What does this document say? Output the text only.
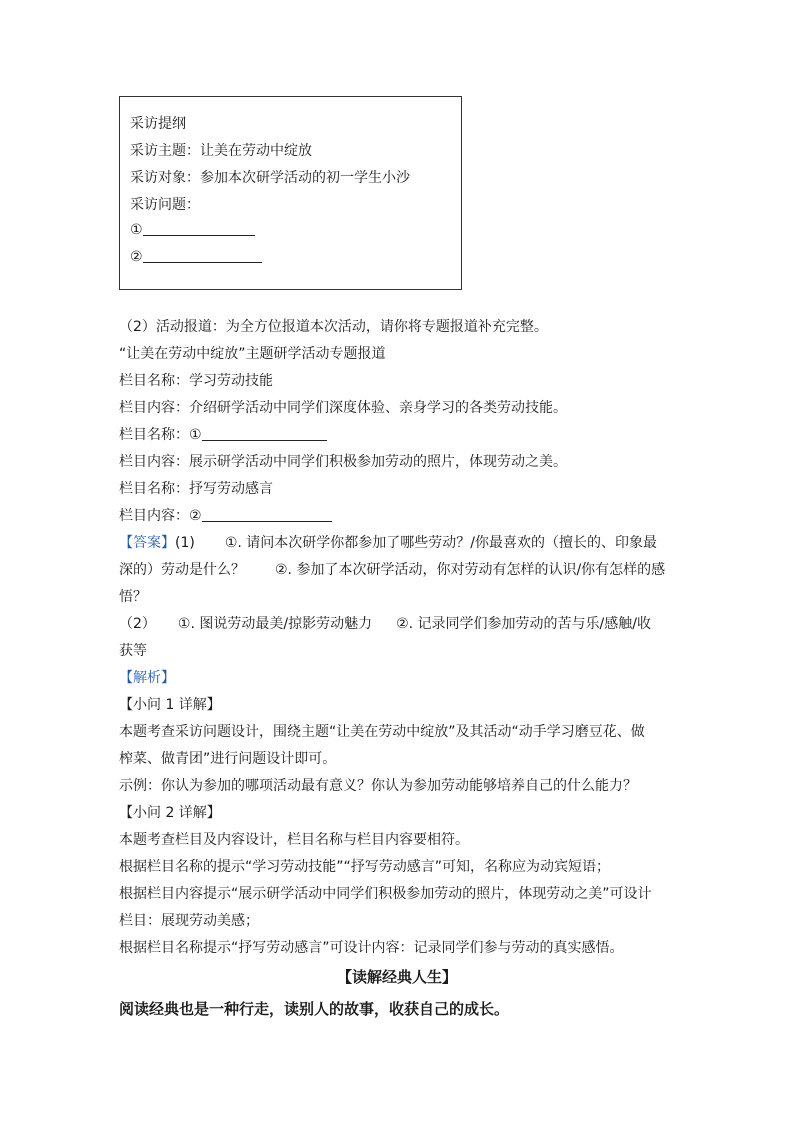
采访提纲
采访主题：让美在劳动中绽放
采访对象：参加本次研学活动的初一学生小沙
采访问题：
①
②
（2）活动报道：为全方位报道本次活动，请你将专题报道补充完整。
“让美在劳动中绽放”主题研学活动专题报道
栏目名称：学习劳动技能
栏目内容：介绍研学活动中同学们深度体验、亲身学习的各类劳动技能。
栏目名称：①
栏目内容：展示研学活动中同学们积极参加劳动的照片，体现劳动之美。
栏目名称：抒写劳动感言
栏目内容：②
【答案】(1) ①. 请问本次研学你都参加了哪些劳动？/你最喜欢的（擅长的、印象最
深的）劳动是什么？ ②. 参加了本次研学活动，你对劳动有怎样的认识/你有怎样的感
悟？
（2） ①. 图说劳动最美/掠影劳动魅力 ②. 记录同学们参加劳动的苦与乐/感触/收
获等
【解析】
【小问 1 详解】
本题考查采访问题设计，围绕主题“让美在劳动中绽放”及其活动“动手学习磨豆花、做
榨菜、做青团”进行问题设计即可。
示例：你认为参加的哪项活动最有意义？你认为参加劳动能够培养自己的什么能力？
【小问 2 详解】
本题考查栏目及内容设计，栏目名称与栏目内容要相符。
根据栏目名称的提示“学习劳动技能”“抒写劳动感言”可知，名称应为动宾短语；
根据栏目内容提示“展示研学活动中同学们积极参加劳动的照片，体现劳动之美”可设计
栏目：展现劳动美感；
根据栏目名称提示“抒写劳动感言”可设计内容：记录同学们参与劳动的真实感悟。
【读解经典人生】
阅读经典也是一种行走，读别人的故事，收获自己的成长。
